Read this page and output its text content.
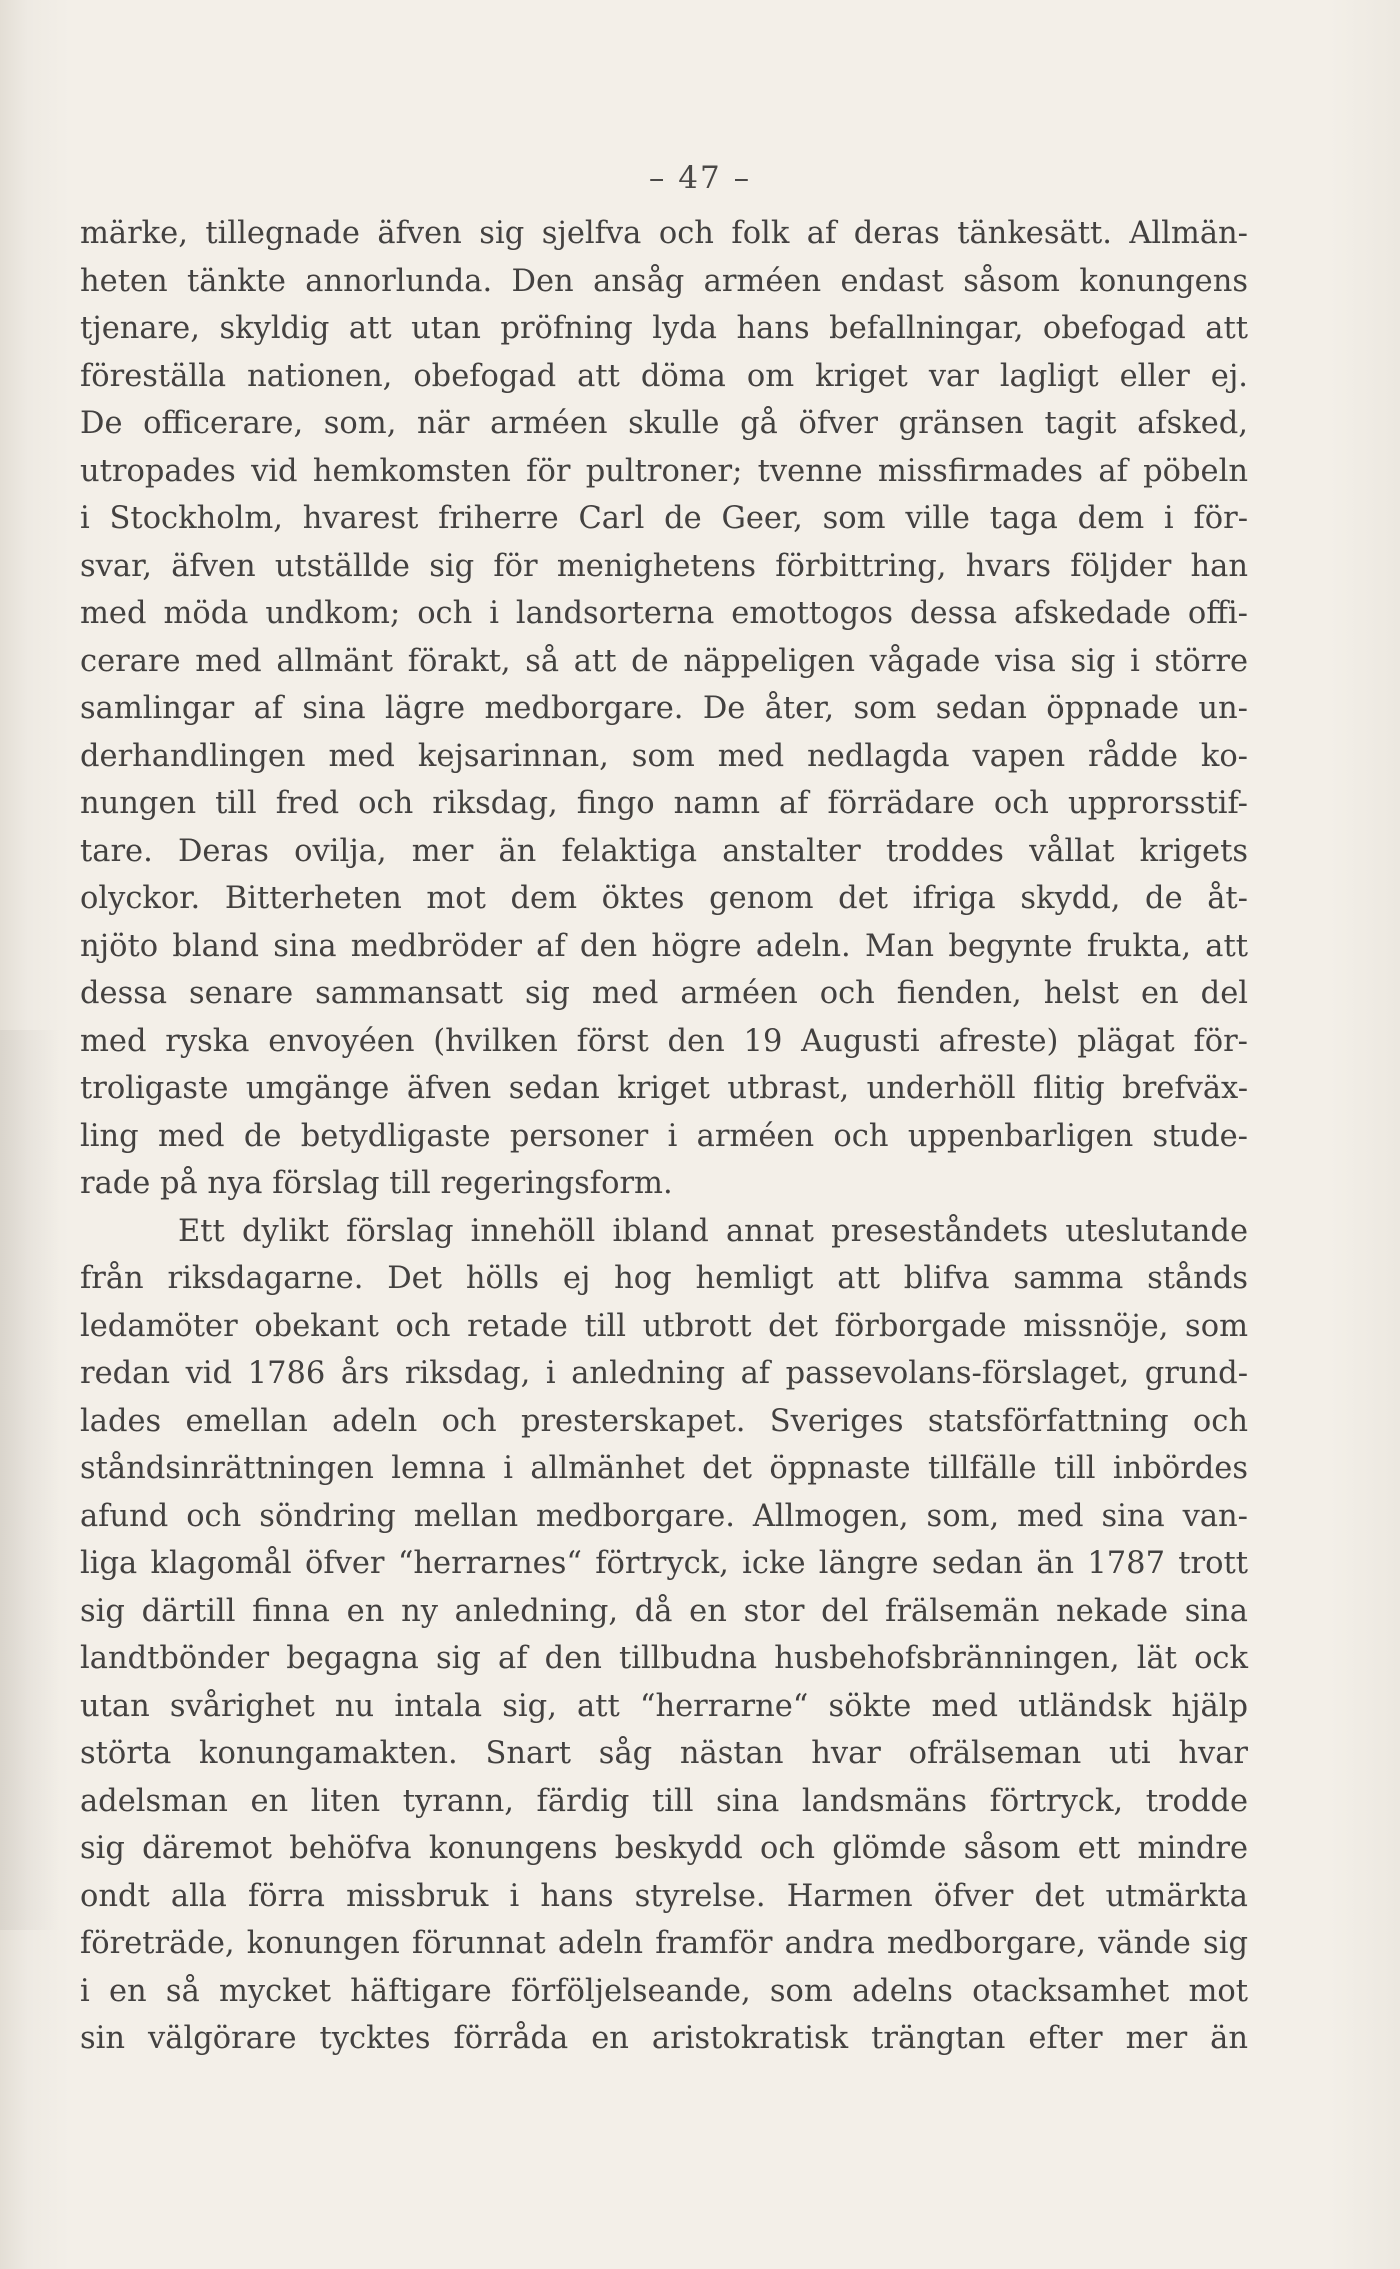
– 47 –
märke, tillegnade äfven sig sjelfva och folk af deras tänkesätt. Allmän-
heten tänkte annorlunda. Den ansåg arméen endast såsom konungens
tjenare, skyldig att utan pröfning lyda hans befallningar, obefogad att
föreställa nationen, obefogad att döma om kriget var lagligt eller ej.
De officerare, som, när arméen skulle gå öfver gränsen tagit afsked,
utropades vid hemkomsten för pultroner; tvenne missfirmades af pöbeln
i Stockholm, hvarest friherre Carl de Geer, som ville taga dem i för-
svar, äfven utställde sig för menighetens förbittring, hvars följder han
med möda undkom; och i landsorterna emottogos dessa afskedade offi-
cerare med allmänt förakt, så att de näppeligen vågade visa sig i större
samlingar af sina lägre medborgare. De åter, som sedan öppnade un-
derhandlingen med kejsarinnan, som med nedlagda vapen rådde ko-
nungen till fred och riksdag, fingo namn af förrädare och upprorsstif-
tare. Deras ovilja, mer än felaktiga anstalter troddes vållat krigets
olyckor. Bitterheten mot dem öktes genom det ifriga skydd, de åt-
njöto bland sina medbröder af den högre adeln. Man begynte frukta, att
dessa senare sammansatt sig med arméen och fienden, helst en del
med ryska envoyéen (hvilken först den 19 Augusti afreste) plägat för-
troligaste umgänge äfven sedan kriget utbrast, underhöll flitig brefväx-
ling med de betydligaste personer i arméen och uppenbarligen stude-
rade på nya förslag till regeringsform.
Ett dylikt förslag innehöll ibland annat preseståndets uteslutande
från riksdagarne. Det hölls ej hog hemligt att blifva samma stånds
ledamöter obekant och retade till utbrott det förborgade missnöje, som
redan vid 1786 års riksdag, i anledning af passevolans-förslaget, grund-
lades emellan adeln och presterskapet. Sveriges statsförfattning och
ståndsinrättningen lemna i allmänhet det öppnaste tillfälle till inbördes
afund och söndring mellan medborgare. Allmogen, som, med sina van-
liga klagomål öfver “herrarnes“ förtryck, icke längre sedan än 1787 trott
sig därtill finna en ny anledning, då en stor del frälsemän nekade sina
landtbönder begagna sig af den tillbudna husbehofsbränningen, lät ock
utan svårighet nu intala sig, att “herrarne“ sökte med utländsk hjälp
störta konungamakten. Snart såg nästan hvar ofrälseman uti hvar
adelsman en liten tyrann, färdig till sina landsmäns förtryck, trodde
sig däremot behöfva konungens beskydd och glömde såsom ett mindre
ondt alla förra missbruk i hans styrelse. Harmen öfver det utmärkta
företräde, konungen förunnat adeln framför andra medborgare, vände sig
i en så mycket häftigare förföljelseande, som adelns otacksamhet mot
sin välgörare tycktes förråda en aristokratisk trängtan efter mer än
